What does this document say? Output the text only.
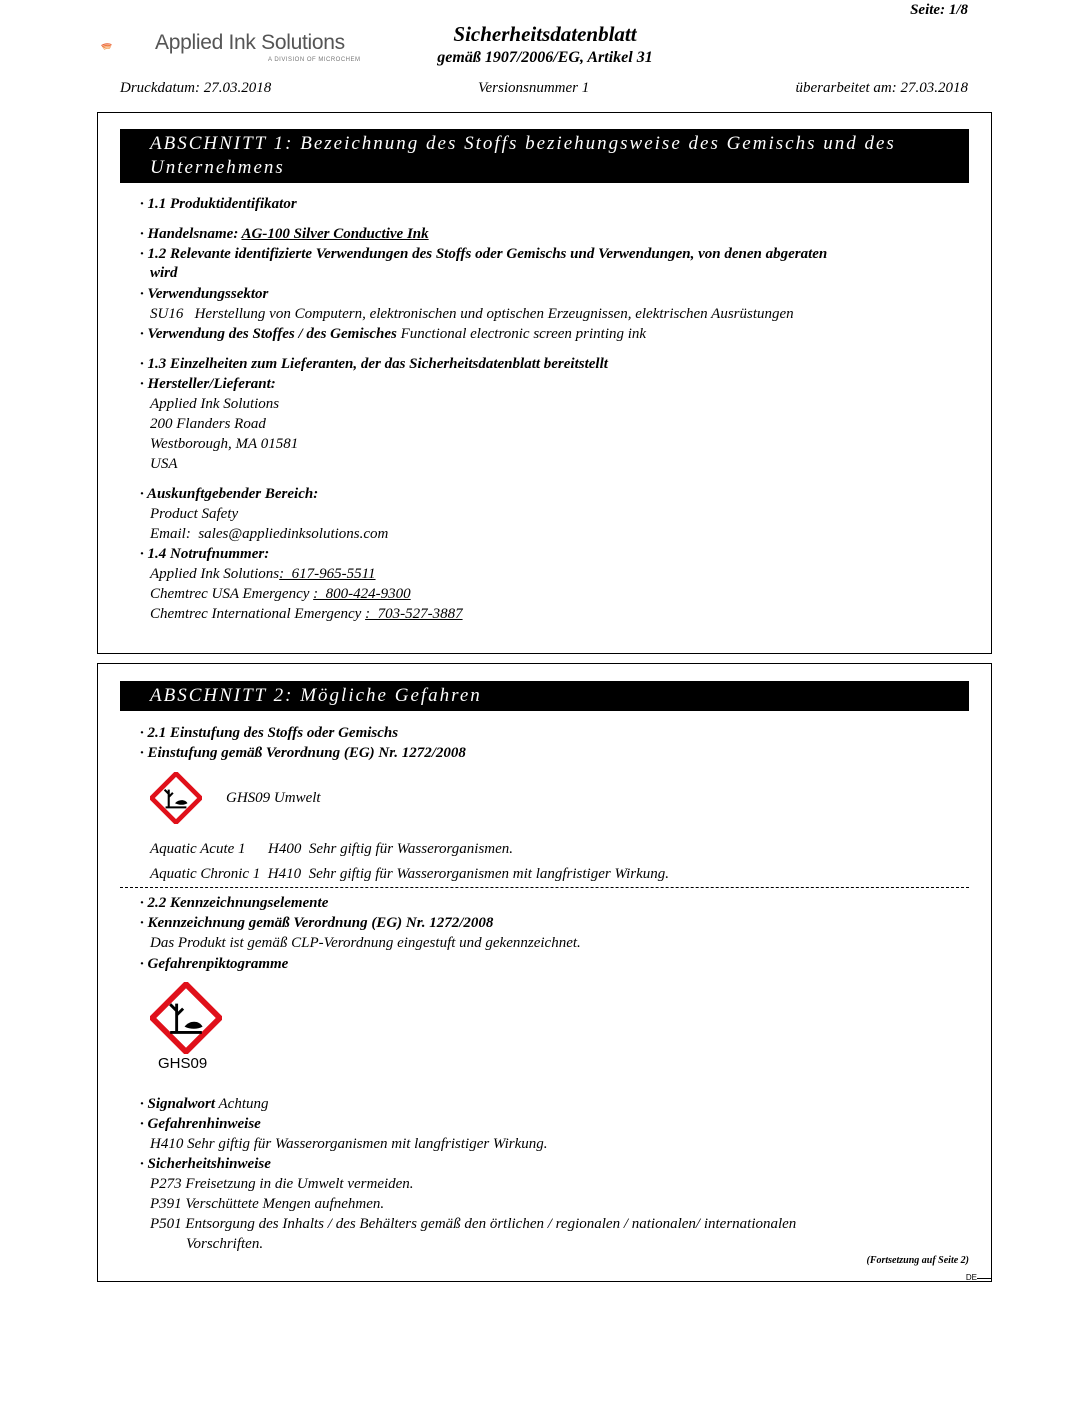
Seite: 1/8
Applied Ink Solutions
A DIVISION OF MICROCHEM
Sicherheitsdatenblatt
gemäß 1907/2006/EG, Artikel 31
Druckdatum: 27.03.2018	Versionsnummer 1	überarbeitet am: 27.03.2018
ABSCHNITT 1: Bezeichnung des Stoffs beziehungsweise des Gemischs und des
Unternehmens
· 1.1 Produktidentifikator
· Handelsname: AG-100 Silver Conductive Ink
· 1.2 Relevante identifizierte Verwendungen des Stoffs oder Gemischs und Verwendungen, von denen abgeraten
wird
· Verwendungssektor
SU16   Herstellung von Computern, elektronischen und optischen Erzeugnissen, elektrischen Ausrüstungen
· Verwendung des Stoffes / des Gemisches Functional electronic screen printing ink
· 1.3 Einzelheiten zum Lieferanten, der das Sicherheitsdatenblatt bereitstellt
· Hersteller/Lieferant:
Applied Ink Solutions
200 Flanders Road
Westborough, MA 01581
USA
· Auskunftgebender Bereich:
Product Safety
Email:  sales@appliedinksolutions.com
· 1.4 Notrufnummer:
Applied Ink Solutions:  617-965-5511
Chemtrec USA Emergency :  800-424-9300
Chemtrec International Emergency :  703-527-3887
ABSCHNITT 2: Mögliche Gefahren
· 2.1 Einstufung des Stoffs oder Gemischs
· Einstufung gemäß Verordnung (EG) Nr. 1272/2008
GHS09 Umwelt
Aquatic Acute 1      H400  Sehr giftig für Wasserorganismen.
Aquatic Chronic 1  H410  Sehr giftig für Wasserorganismen mit langfristiger Wirkung.
· 2.2 Kennzeichnungselemente
· Kennzeichnung gemäß Verordnung (EG) Nr. 1272/2008
Das Produkt ist gemäß CLP-Verordnung eingestuft und gekennzeichnet.
· Gefahrenpiktogramme
GHS09
· Signalwort Achtung
· Gefahrenhinweise
H410 Sehr giftig für Wasserorganismen mit langfristiger Wirkung.
· Sicherheitshinweise
P273 Freisetzung in die Umwelt vermeiden.
P391 Verschüttete Mengen aufnehmen.
P501 Entsorgung des Inhalts / des Behälters gemäß den örtlichen / regionalen / nationalen/ internationalen
Vorschriften.
(Fortsetzung auf Seite 2)
DE
